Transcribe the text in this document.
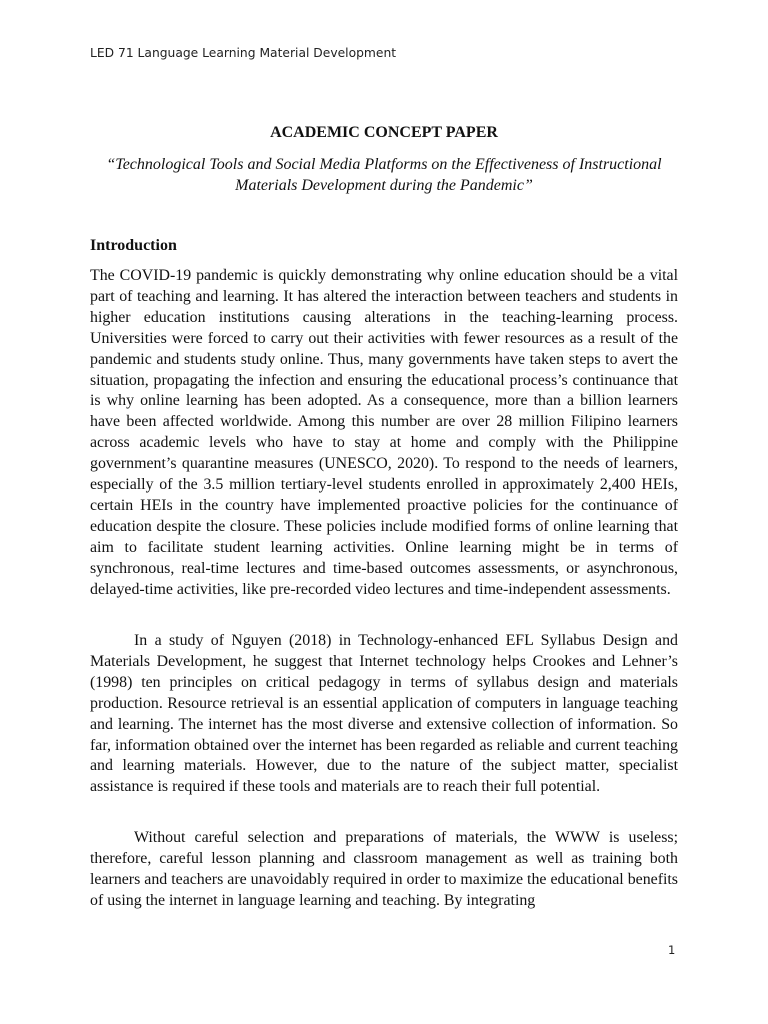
LED 71 Language Learning Material Development
ACADEMIC CONCEPT PAPER
“Technological Tools and Social Media Platforms on the Effectiveness of Instructional Materials Development during the Pandemic”
Introduction

The COVID-19 pandemic is quickly demonstrating why online education should be a vital part of teaching and learning. It has altered the interaction between teachers and students in higher education institutions causing alterations in the teaching-learning process. Universities were forced to carry out their activities with fewer resources as a result of the pandemic and students study online. Thus, many governments have taken steps to avert the situation, propagating the infection and ensuring the educational process’s continuance that is why online learning has been adopted. As a consequence, more than a billion learners have been affected worldwide. Among this number are over 28 million Filipino learners across academic levels who have to stay at home and comply with the Philippine government’s quarantine measures (UNESCO, 2020). To respond to the needs of learners, especially of the 3.5 million tertiary-level students enrolled in approximately 2,400 HEIs, certain HEIs in the country have implemented proactive policies for the continuance of education despite the closure. These policies include modified forms of online learning that aim to facilitate student learning activities. Online learning might be in terms of synchronous, real-time lectures and time-based outcomes assessments, or asynchronous, delayed-time activities, like pre-recorded video lectures and time-independent assessments.

In a study of Nguyen (2018) in Technology-enhanced EFL Syllabus Design and Materials Development, he suggest that Internet technology helps Crookes and Lehner’s (1998) ten principles on critical pedagogy in terms of syllabus design and materials production. Resource retrieval is an essential application of computers in language teaching and learning. The internet has the most diverse and extensive collection of information. So far, information obtained over the internet has been regarded as reliable and current teaching and learning materials. However, due to the nature of the subject matter, specialist assistance is required if these tools and materials are to reach their full potential.

Without careful selection and preparations of materials, the WWW is useless; therefore, careful lesson planning and classroom management as well as training both learners and teachers are unavoidably required in order to maximize the educational benefits of using the internet in language learning and teaching. By integrating

1
